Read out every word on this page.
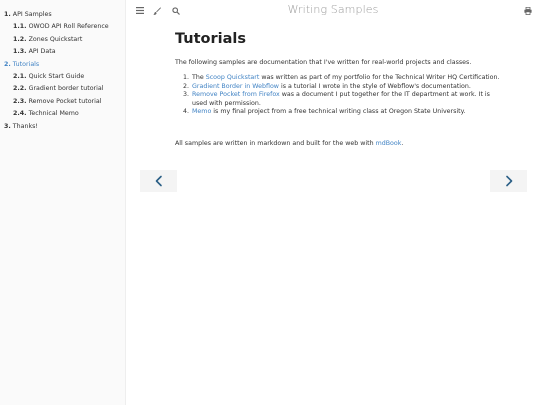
1. API Samples
1.1. OWOD API Roll Reference
1.2. Zones Quickstart
1.3. API Data
2. Tutorials
2.1. Quick Start Guide
2.2. Gradient border tutorial
2.3. Remove Pocket tutorial
2.4. Technical Memo
3. Thanks!
Writing Samples
Tutorials

The following samples are documentation that I've written for real-world projects and classes.

1. The Scoop Quickstart was written as part of my portfolio for the Technical Writer HQ Certification.
2. Gradient Border in Webflow is a tutorial I wrote in the style of Webflow's documentation.
3. Remove Pocket from Firefox was a document I put together for the IT department at work. It is used with permission.
4. Memo is my final project from a free technical writing class at Oregon State University.

All samples are written in markdown and built for the web with mdBook.
